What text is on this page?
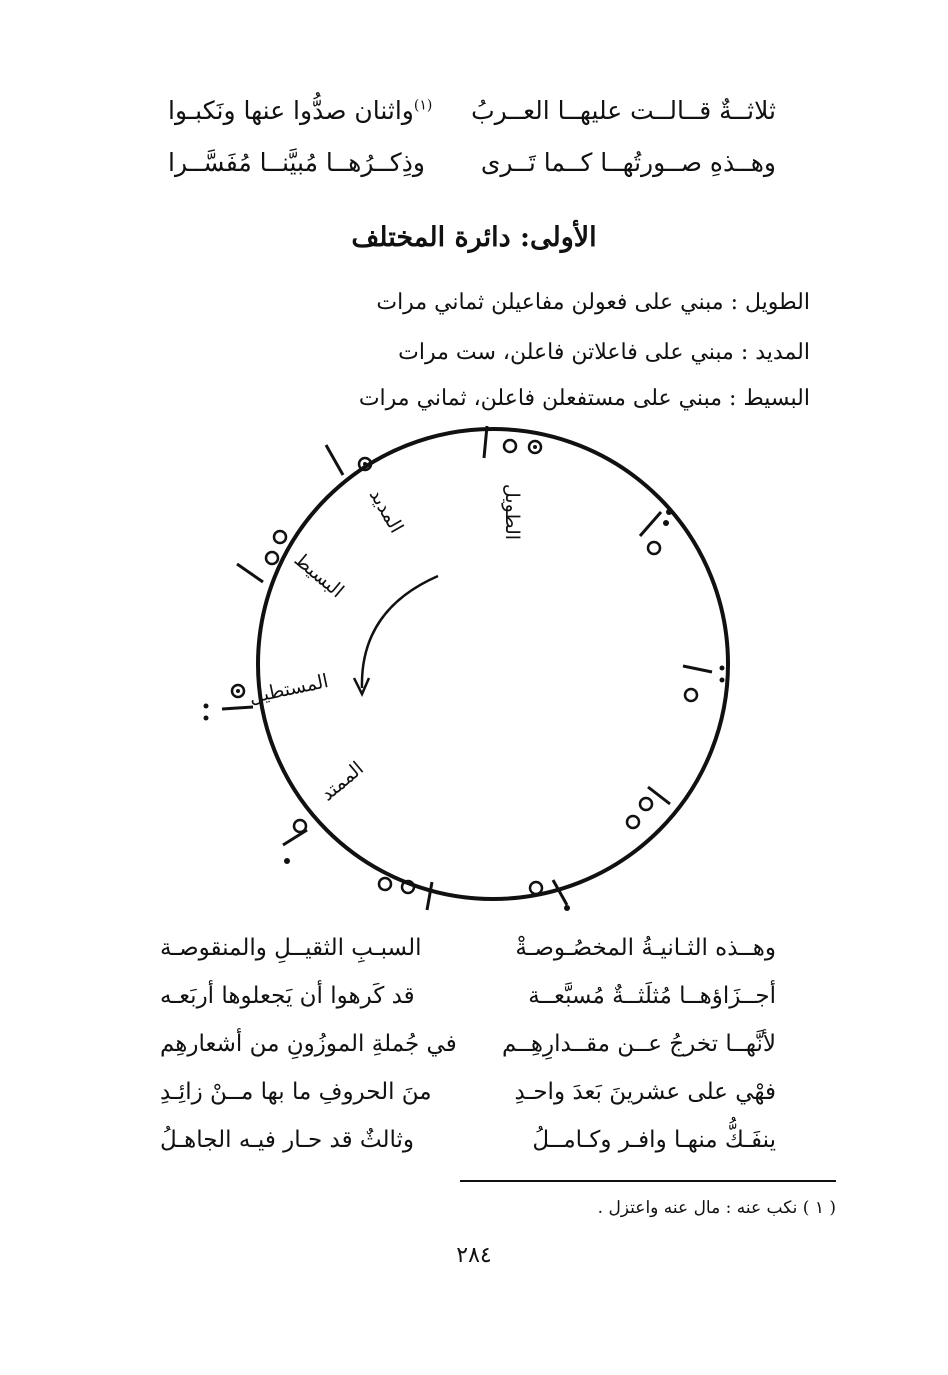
ثلاثــةٌ قــالــت عليهــا العــربُ
$^{(١)}$واثنان صدُّوا عنها ونَكبـوا
وهــذهِ صــورتُهــا كــما تَــرى
وذِكــرُهــا مُبيَّنــا مُفَسَّــرا
الأولى: دائرة المختلف
الطويل : مبني على فعولن مفاعيلن ثماني مرات
المديد : مبني على فاعلاتن فاعلن، ست مرات
البسيط : مبني على مستفعلن فاعلن، ثماني مرات
الطويل
المديد
البسيط
المستطيل
الممتد
وهــذه الثـانيـةُ المخصُـوصـةْ
السبـبِ الثقيــلِ والمنقوصـة
أجــزَاؤهــا مُثلَثــةٌ مُسبَّعــة
قد كَرهوا أن يَجعلوها أربَعـه
لأنَّهــا تخرجُ عــن مقــدارِهِــم
في جُملةِ الموزُونِ من أشعارهِم
فهْي على عشرينَ بَعدَ واحـدِ
منَ الحروفِ ما بها مــنْ زائِـدِ
ينفَـكُّ منهـا وافـر وكـامــلُ
وثالثٌ قد حـار فيـه الجاهـلُ
( ١ ) نكب عنه : مال عنه واعتزل .
٢٨٤
